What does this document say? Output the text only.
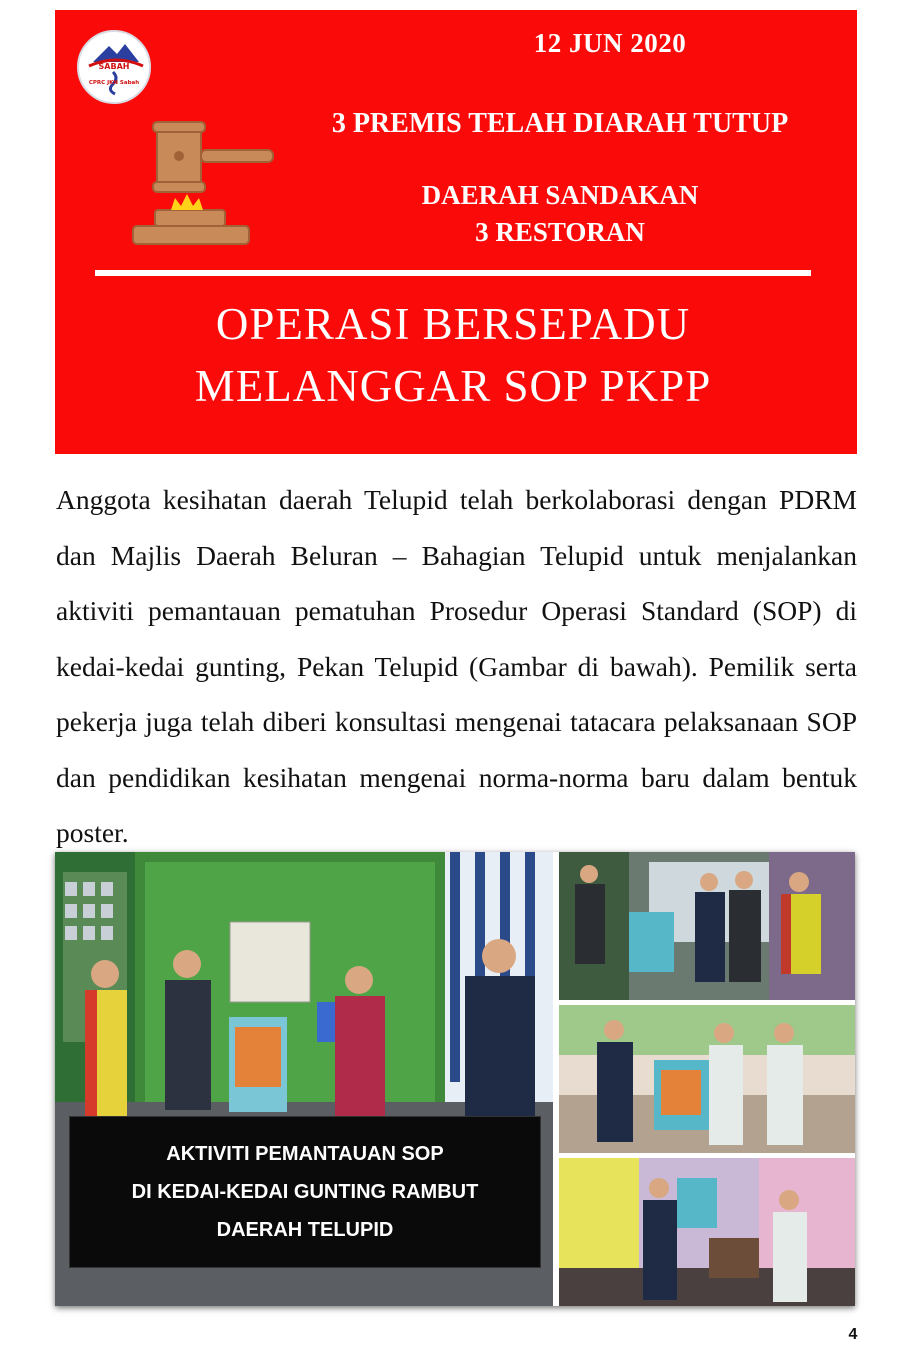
SABAH
CPRC JKN Sabah
12 JUN 2020
3 PREMIS TELAH DIARAH TUTUP
DAERAH SANDAKAN
3 RESTORAN
OPERASI BERSEPADU
MELANGGAR SOP PKPP

Anggota kesihatan daerah Telupid telah berkolaborasi dengan PDRM dan Majlis Daerah Beluran – Bahagian Telupid untuk menjalankan aktiviti pemantauan pematuhan Prosedur Operasi Standard (SOP) di kedai-kedai gunting, Pekan Telupid (Gambar di bawah). Pemilik serta pekerja juga telah diberi konsultasi mengenai tatacara pelaksanaan SOP dan pendidikan kesihatan mengenai norma-norma baru dalam bentuk poster.

AKTIVITI PEMANTAUAN SOP
DI KEDAI-KEDAI GUNTING RAMBUT
DAERAH TELUPID
4
